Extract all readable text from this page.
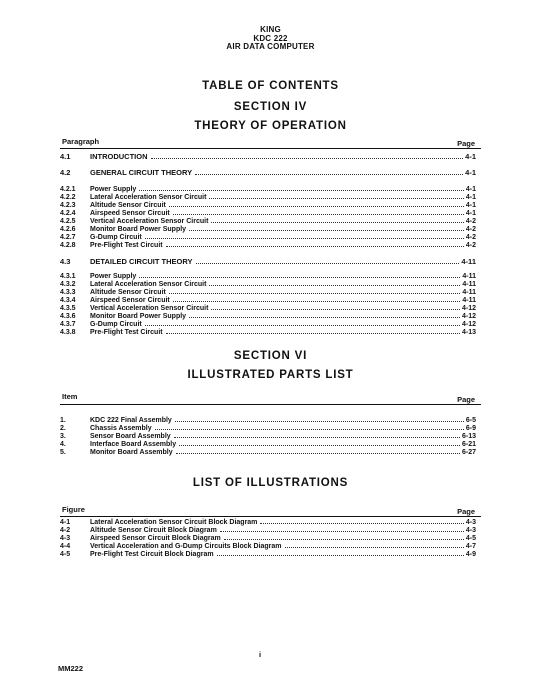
KING
KDC 222
AIR DATA COMPUTER
TABLE OF CONTENTS
SECTION IV
THEORY OF OPERATION
Paragraph	Page
4.1	INTRODUCTION	4-1
4.2	GENERAL CIRCUIT THEORY	4-1
4.2.1	Power Supply	4-1
4.2.2	Lateral Acceleration Sensor Circuit	4-1
4.2.3	Altitude Sensor Circuit	4-1
4.2.4	Airspeed Sensor Circuit	4-1
4.2.5	Vertical Acceleration Sensor Circuit	4-2
4.2.6	Monitor Board Power Supply	4-2
4.2.7	G-Dump Circuit	4-2
4.2.8	Pre-Flight Test Circuit	4-2
4.3	DETAILED CIRCUIT THEORY	4-11
4.3.1	Power Supply	4-11
4.3.2	Lateral Acceleration Sensor Circuit	4-11
4.3.3	Altitude Sensor Circuit	4-11
4.3.4	Airspeed Sensor Circuit	4-11
4.3.5	Vertical Acceleration Sensor Circuit	4-12
4.3.6	Monitor Board Power Supply	4-12
4.3.7	G-Dump Circuit	4-12
4.3.8	Pre-Flight Test Circuit	4-13
SECTION VI
ILLUSTRATED PARTS LIST
Item	Page
1.	KDC 222 Final Assembly	6-5
2.	Chassis Assembly	6-9
3.	Sensor Board Assembly	6-13
4.	Interface Board Assembly	6-21
5.	Monitor Board Assembly	6-27
LIST OF ILLUSTRATIONS
Figure	Page
4-1	Lateral Acceleration Sensor Circuit Block Diagram	4-3
4-2	Altitude Sensor Circuit Block Diagram	4-3
4-3	Airspeed Sensor Circuit Block Diagram	4-5
4-4	Vertical Acceleration and G-Dump Circuits Block Diagram	4-7
4-5	Pre-Flight Test Circuit Block Diagram	4-9
i
MM222
